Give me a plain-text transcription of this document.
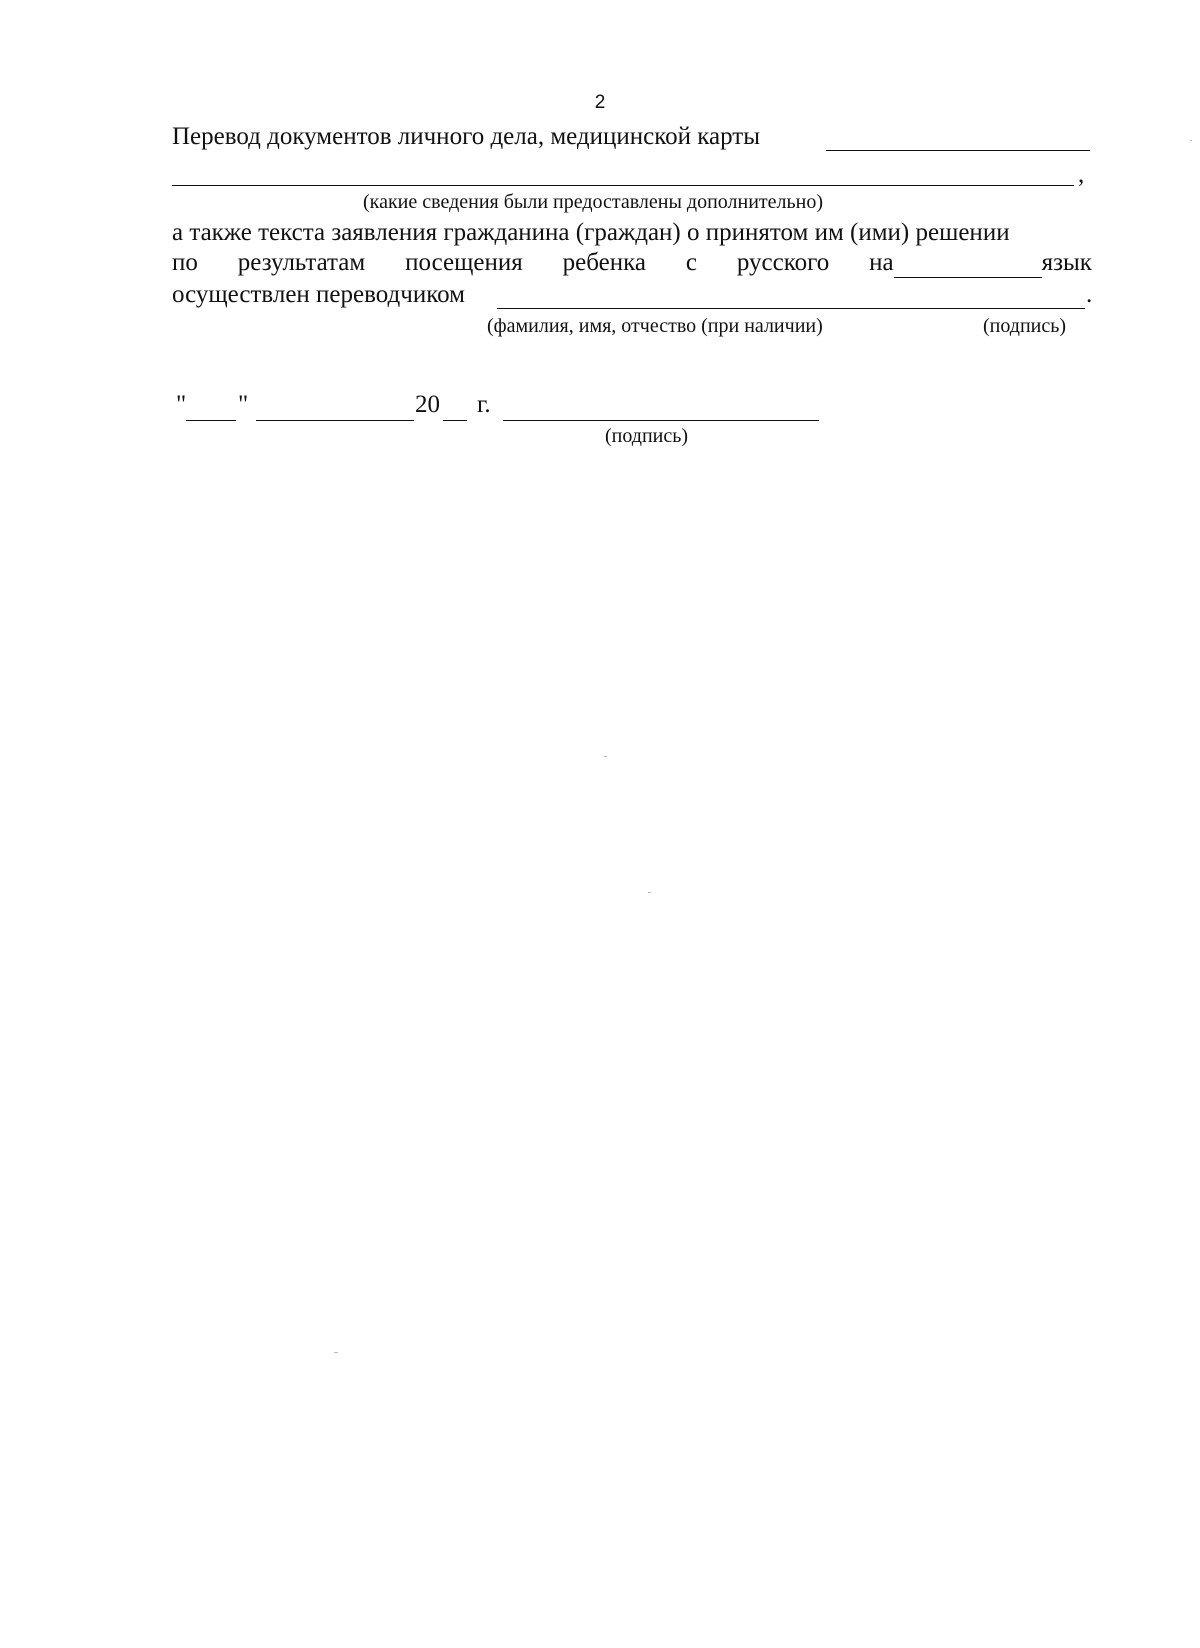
2
Перевод документов личного дела, медицинской карты
,
(какие сведения были предоставлены дополнительно)
а также текста заявления гражданина (граждан) о принятом им (ими) решении
по результатам посещения ребенка с русского на	язык
осуществлен переводчиком	.
(фамилия, имя, отчество (при наличии)	(подпись)
" "	20 г.
(подпись)
